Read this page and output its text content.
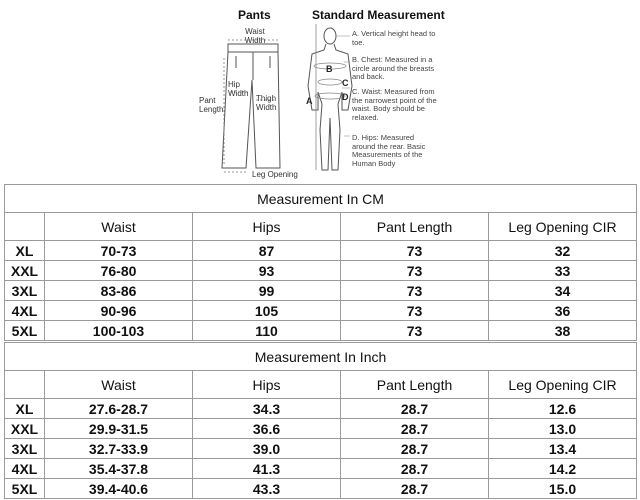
Pants	Standard Measurement
Waist Width
Pant Length
Hip Width
Thigh Width
Leg Opening
A
B
C
D
A. Vertical height head to toe.
B. Chest: Measured in a circle around the breasts and back.
C. Waist: Measured from the narrowest point of the waist. Body should be relaxed.
D. Hips: Measured around the rear. Basic Measurements of the Human Body
Measurement In CM				
	Waist	Hips	Pant Length	Leg Opening CIR
XL	70-73	87	73	32
XXL	76-80	93	73	33
3XL	83-86	99	73	34
4XL	90-96	105	73	36
5XL	100-103	110	73	38
Measurement In Inch				
	Waist	Hips	Pant Length	Leg Opening CIR
XL	27.6-28.7	34.3	28.7	12.6
XXL	29.9-31.5	36.6	28.7	13.0
3XL	32.7-33.9	39.0	28.7	13.4
4XL	35.4-37.8	41.3	28.7	14.2
5XL	39.4-40.6	43.3	28.7	15.0
